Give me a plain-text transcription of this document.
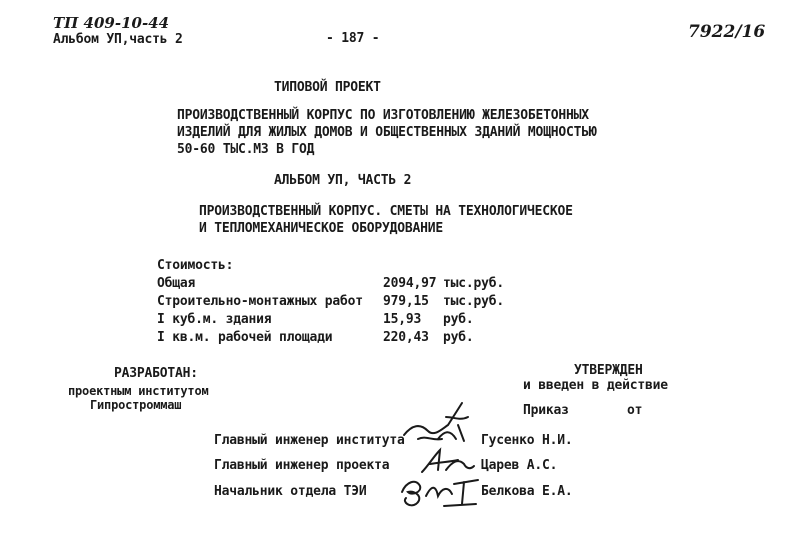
ТП 409-10-44
Альбом УП,часть 2	- 187 -	7922/16
ТИПОВОЙ ПРОЕКТ
ПРОИЗВОДСТВЕННЫЙ КОРПУС ПО ИЗГОТОВЛЕНИЮ ЖЕЛЕЗОБЕТОННЫХ
ИЗДЕЛИЙ ДЛЯ ЖИЛЫХ ДОМОВ И ОБЩЕСТВЕННЫХ ЗДАНИЙ МОЩНОСТЬЮ
50-60 ТЫС.М3 В ГОД
АЛЬБОМ УП, ЧАСТЬ 2
ПРОИЗВОДСТВЕННЫЙ КОРПУС. СМЕТЫ НА ТЕХНОЛОГИЧЕСКОЕ
И ТЕПЛОМЕХАНИЧЕСКОЕ ОБОРУДОВАНИЕ
Стоимость:
Общая	2094,97 тыс.руб.
Строительно-монтажных работ 979,15 тыс.руб.
I куб.м. здания	15,93 руб.
I кв.м. рабочей площади	220,43 руб.
РАЗРАБОТАН:
проектным институтом
Гипростроммаш
УТВЕРЖДЕН
и введен в действие
Приказ	от
Главный инженер института	Гусенко Н.И.
Главный инженер проекта	Царев А.С.
Начальник отдела ТЭИ	Белкова Е.А.
